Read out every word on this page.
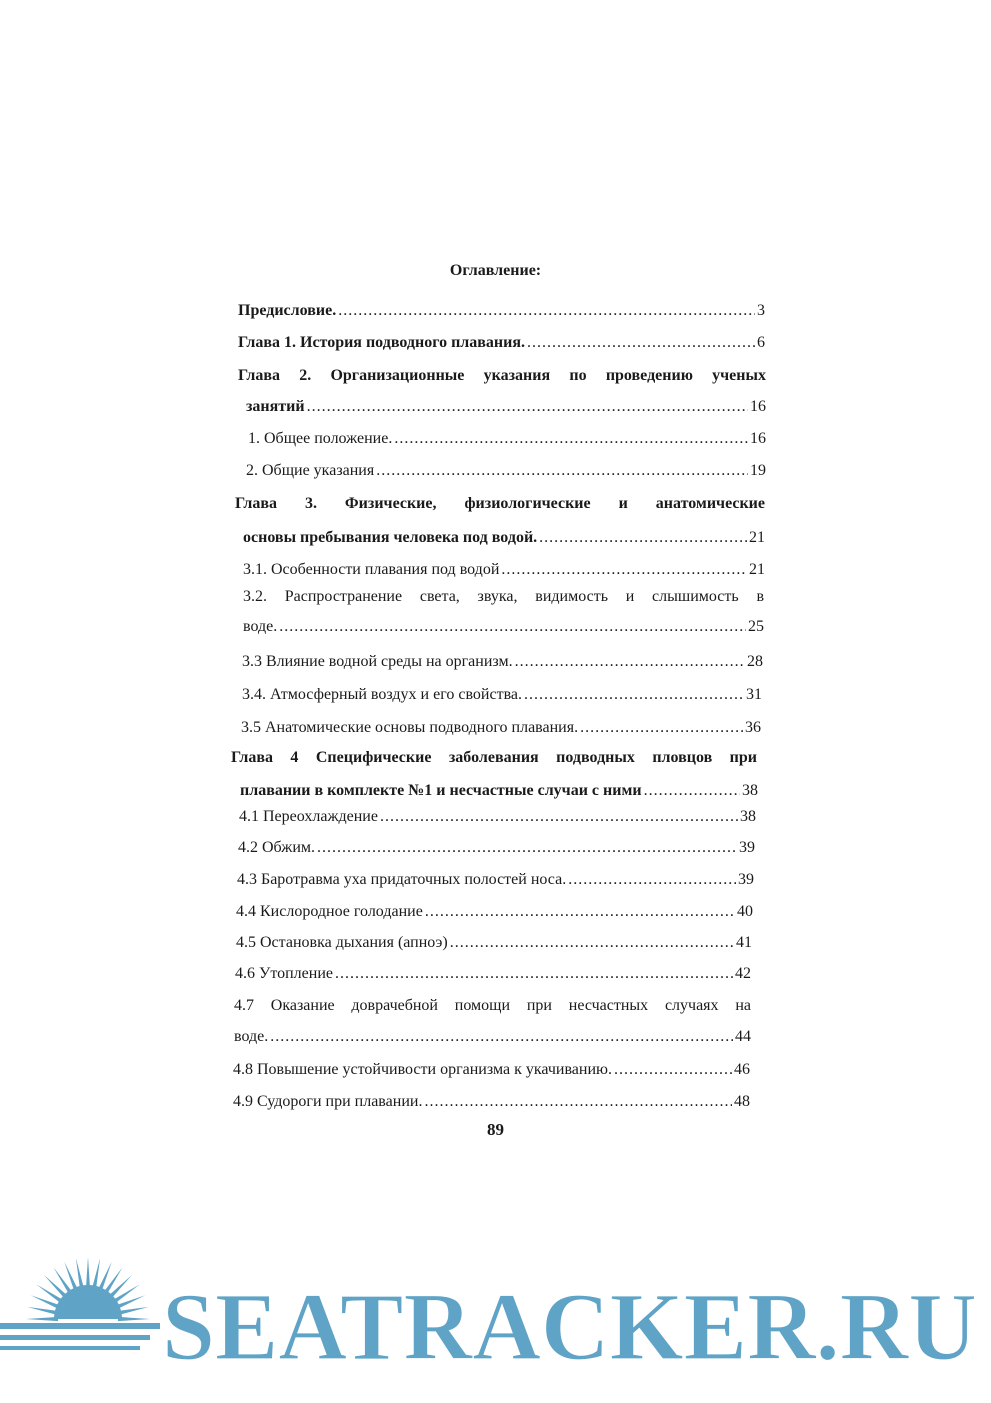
Оглавление:
Предисловие. .....	3
Глава 1. История подводного плавания. .....	6
Глава 2. Организационные указания по проведению ученых
занятий .....	16
1. Общее положение. .....	16
2. Общие указания .....	19
Глава 3. Физические, физиологические и анатомические
основы пребывания человека под водой. .....	21
3.1. Особенности плавания под водой .....	21
3.2. Распространение света, звука, видимость и слышимость в
воде. .....	25
3.3 Влияние водной среды на организм. .....	28
3.4. Атмосферный воздух и его свойства. .....	31
3.5 Анатомические основы подводного плавания. .....	36
Глава 4 Специфические заболевания подводных пловцов при
плавании в комплекте №1 и несчастные случаи с ними .....	38
4.1 Переохлаждение .....	38
4.2 Обжим. .....	39
4.3 Баротравма уха придаточных полостей носа. .....	39
4.4 Кислородное голодание .....	40
4.5 Остановка дыхания (апноэ) .....	41
4.6 Утопление .....	42
4.7 Оказание доврачебной помощи при несчастных случаях на
воде. .....	44
4.8 Повышение устойчивости организма к укачиванию. .....	46
4.9 Судороги при плавании. .....	48
89
SEATRACKER.RU
